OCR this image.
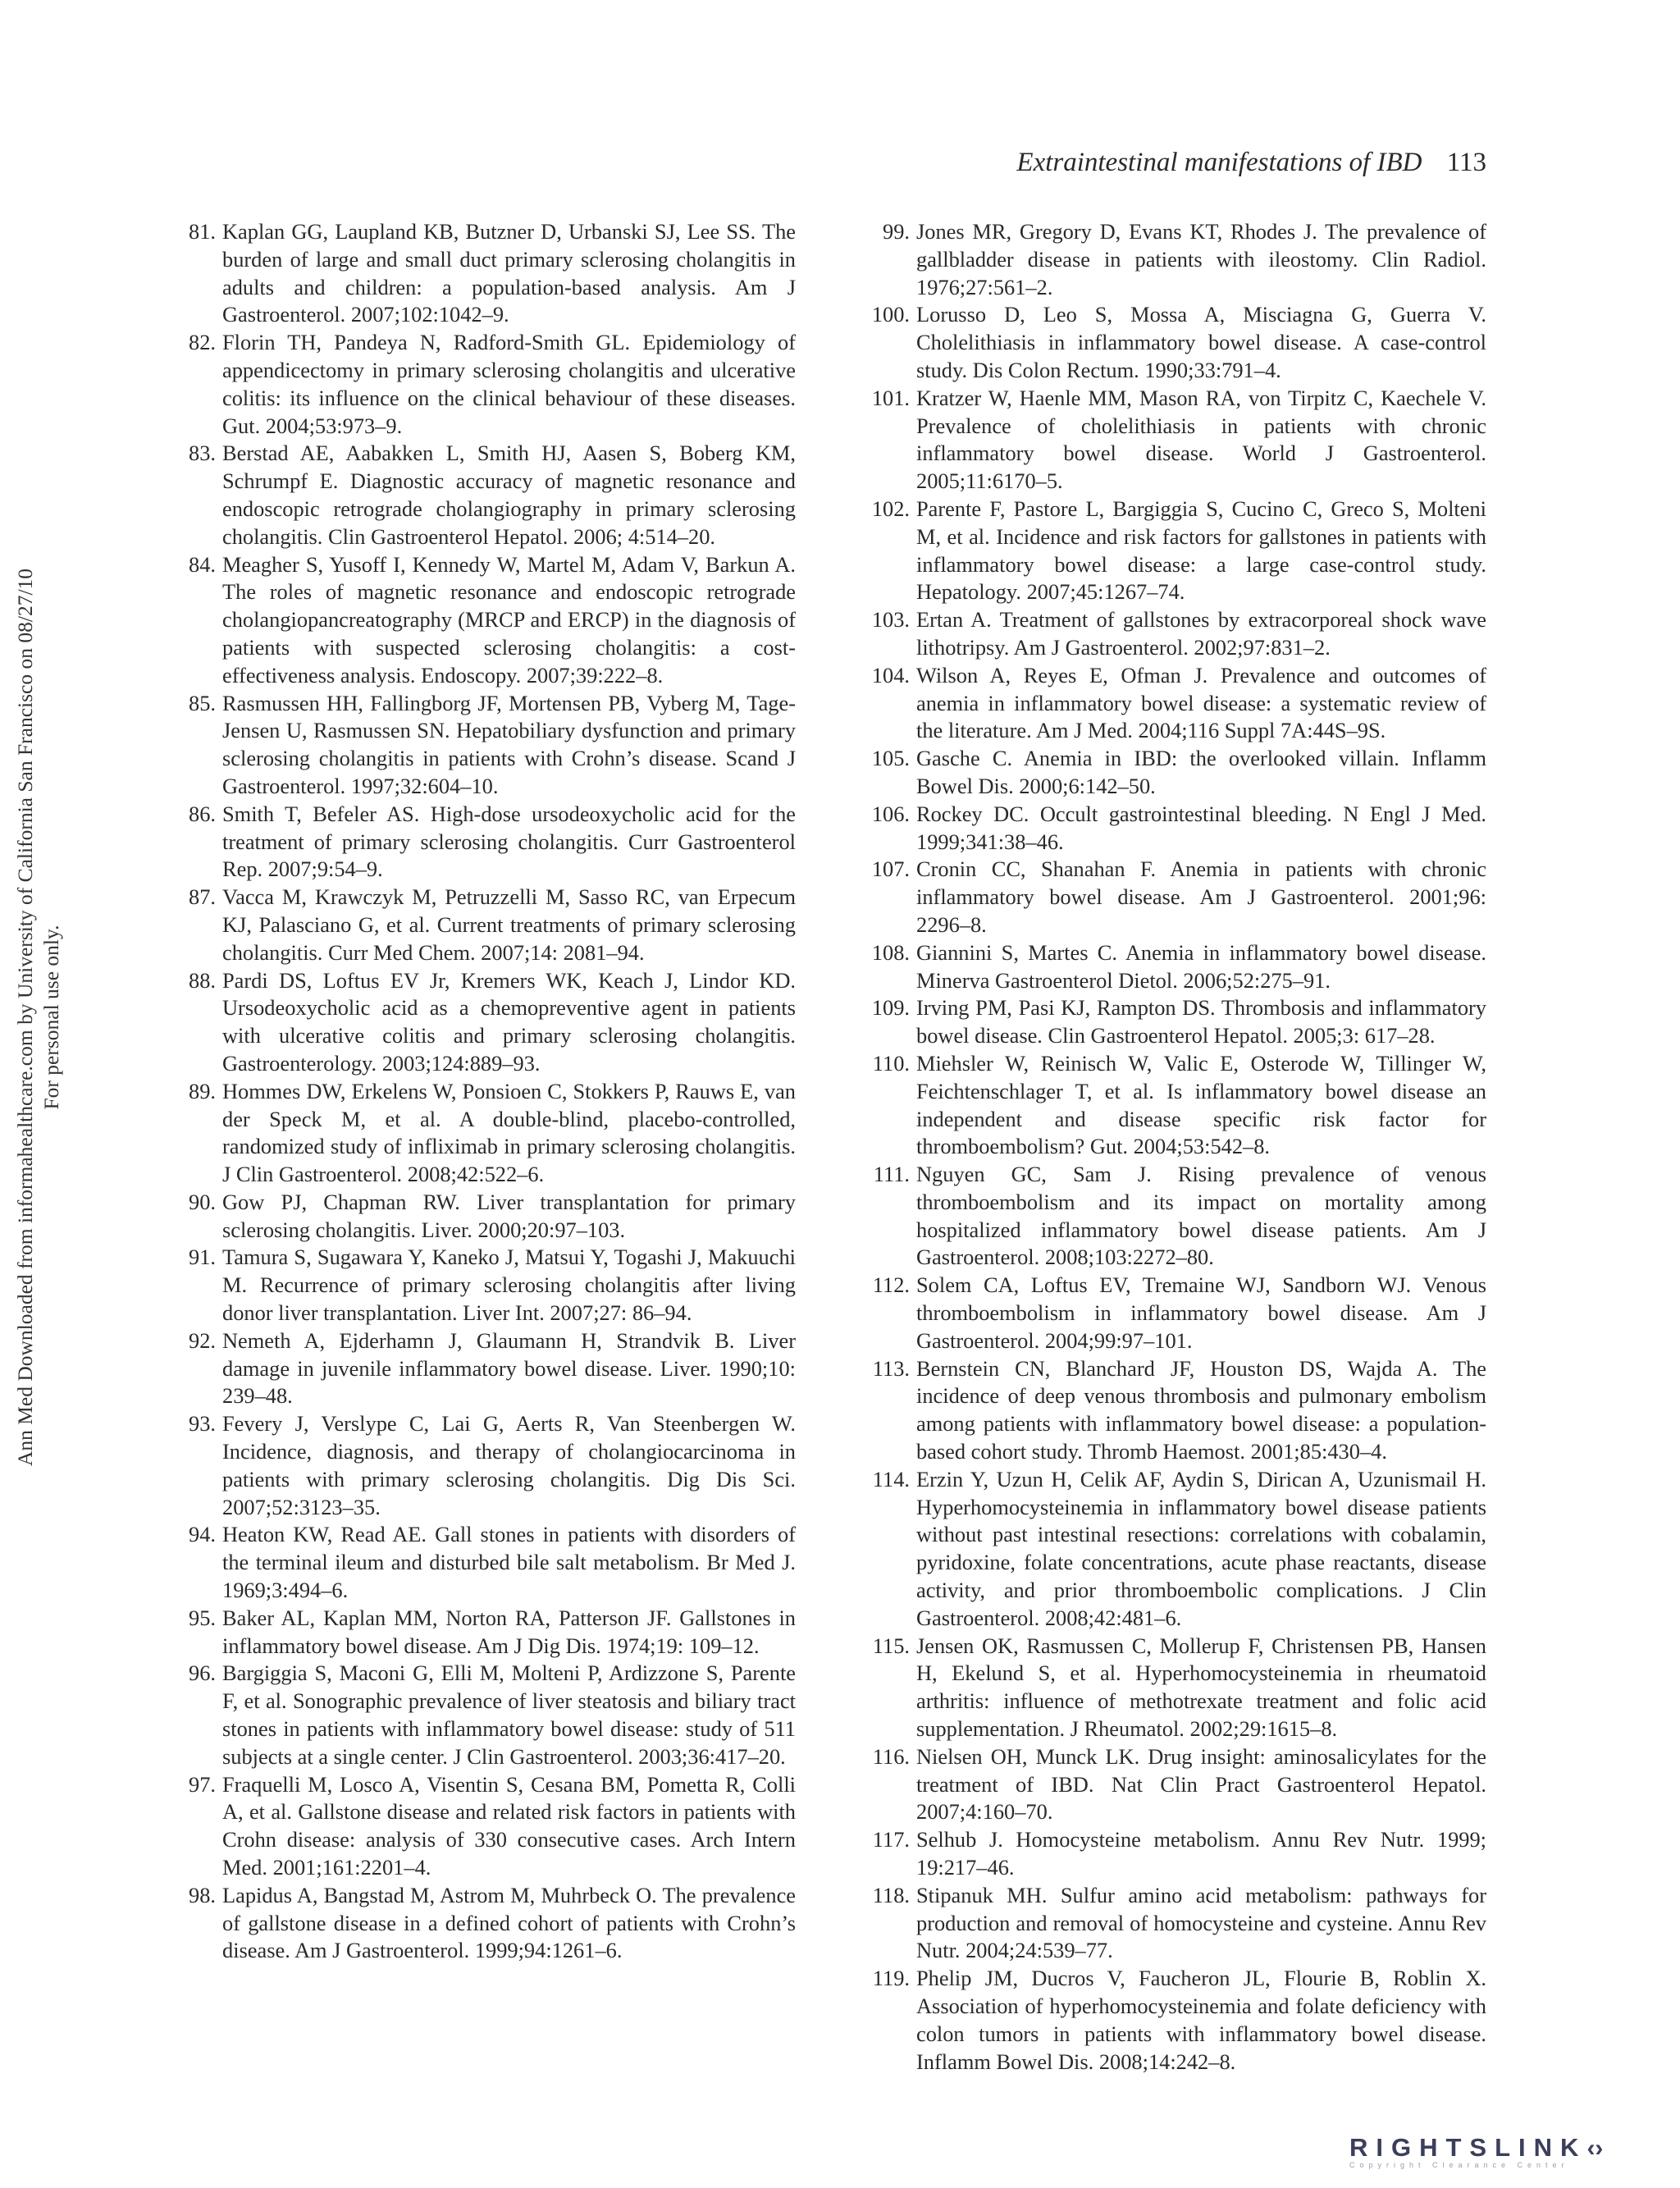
Extraintestinal manifestations of IBD 113
Ann Med Downloaded from informahealthcare.com by University of California San Francisco on 08/27/10 For personal use only.
81. Kaplan GG, Laupland KB, Butzner D, Urbanski SJ, Lee SS. The burden of large and small duct primary sclerosing cholangitis in adults and children: a population-based analysis. Am J Gastroenterol. 2007;102:1042–9.
82. Florin TH, Pandeya N, Radford-Smith GL. Epidemiology of appendicectomy in primary sclerosing cholangitis and ulcerative colitis: its influence on the clinical behaviour of these diseases. Gut. 2004;53:973–9.
83. Berstad AE, Aabakken L, Smith HJ, Aasen S, Boberg KM, Schrumpf E. Diagnostic accuracy of magnetic resonance and endoscopic retrograde cholangiography in primary sclerosing cholangitis. Clin Gastroenterol Hepatol. 2006; 4:514–20.
84. Meagher S, Yusoff I, Kennedy W, Martel M, Adam V, Barkun A. The roles of magnetic resonance and endoscopic retrograde cholangiopancreatography (MRCP and ERCP) in the diagnosis of patients with suspected sclerosing cholangitis: a cost-effectiveness analysis. Endoscopy. 2007;39:222–8.
85. Rasmussen HH, Fallingborg JF, Mortensen PB, Vyberg M, Tage-Jensen U, Rasmussen SN. Hepatobiliary dysfunction and primary sclerosing cholangitis in patients with Crohn’s disease. Scand J Gastroenterol. 1997;32:604–10.
86. Smith T, Befeler AS. High-dose ursodeoxycholic acid for the treatment of primary sclerosing cholangitis. Curr Gastroenterol Rep. 2007;9:54–9.
87. Vacca M, Krawczyk M, Petruzzelli M, Sasso RC, van Erpecum KJ, Palasciano G, et al. Current treatments of primary sclerosing cholangitis. Curr Med Chem. 2007;14: 2081–94.
88. Pardi DS, Loftus EV Jr, Kremers WK, Keach J, Lindor KD. Ursodeoxycholic acid as a chemopreventive agent in patients with ulcerative colitis and primary sclerosing cholangitis. Gastroenterology. 2003;124:889–93.
89. Hommes DW, Erkelens W, Ponsioen C, Stokkers P, Rauws E, van der Speck M, et al. A double-blind, placebo-controlled, randomized study of infliximab in primary sclerosing cholangitis. J Clin Gastroenterol. 2008;42:522–6.
90. Gow PJ, Chapman RW. Liver transplantation for primary sclerosing cholangitis. Liver. 2000;20:97–103.
91. Tamura S, Sugawara Y, Kaneko J, Matsui Y, Togashi J, Makuuchi M. Recurrence of primary sclerosing cholangitis after living donor liver transplantation. Liver Int. 2007;27: 86–94.
92. Nemeth A, Ejderhamn J, Glaumann H, Strandvik B. Liver damage in juvenile inflammatory bowel disease. Liver. 1990;10: 239–48.
93. Fevery J, Verslype C, Lai G, Aerts R, Van Steenbergen W. Incidence, diagnosis, and therapy of cholangiocarcinoma in patients with primary sclerosing cholangitis. Dig Dis Sci. 2007;52:3123–35.
94. Heaton KW, Read AE. Gall stones in patients with disorders of the terminal ileum and disturbed bile salt metabolism. Br Med J. 1969;3:494–6.
95. Baker AL, Kaplan MM, Norton RA, Patterson JF. Gallstones in inflammatory bowel disease. Am J Dig Dis. 1974;19: 109–12.
96. Bargiggia S, Maconi G, Elli M, Molteni P, Ardizzone S, Parente F, et al. Sonographic prevalence of liver steatosis and biliary tract stones in patients with inflammatory bowel disease: study of 511 subjects at a single center. J Clin Gastroenterol. 2003;36:417–20.
97. Fraquelli M, Losco A, Visentin S, Cesana BM, Pometta R, Colli A, et al. Gallstone disease and related risk factors in patients with Crohn disease: analysis of 330 consecutive cases. Arch Intern Med. 2001;161:2201–4.
98. Lapidus A, Bangstad M, Astrom M, Muhrbeck O. The prevalence of gallstone disease in a defined cohort of patients with Crohn’s disease. Am J Gastroenterol. 1999;94:1261–6.
99. Jones MR, Gregory D, Evans KT, Rhodes J. The prevalence of gallbladder disease in patients with ileostomy. Clin Radiol. 1976;27:561–2.
100. Lorusso D, Leo S, Mossa A, Misciagna G, Guerra V. Cholelithiasis in inflammatory bowel disease. A case-control study. Dis Colon Rectum. 1990;33:791–4.
101. Kratzer W, Haenle MM, Mason RA, von Tirpitz C, Kaechele V. Prevalence of cholelithiasis in patients with chronic inflammatory bowel disease. World J Gastroenterol. 2005;11:6170–5.
102. Parente F, Pastore L, Bargiggia S, Cucino C, Greco S, Molteni M, et al. Incidence and risk factors for gallstones in patients with inflammatory bowel disease: a large case-control study. Hepatology. 2007;45:1267–74.
103. Ertan A. Treatment of gallstones by extracorporeal shock wave lithotripsy. Am J Gastroenterol. 2002;97:831–2.
104. Wilson A, Reyes E, Ofman J. Prevalence and outcomes of anemia in inflammatory bowel disease: a systematic review of the literature. Am J Med. 2004;116 Suppl 7A:44S–9S.
105. Gasche C. Anemia in IBD: the overlooked villain. Inflamm Bowel Dis. 2000;6:142–50.
106. Rockey DC. Occult gastrointestinal bleeding. N Engl J Med. 1999;341:38–46.
107. Cronin CC, Shanahan F. Anemia in patients with chronic inflammatory bowel disease. Am J Gastroenterol. 2001;96: 2296–8.
108. Giannini S, Martes C. Anemia in inflammatory bowel disease. Minerva Gastroenterol Dietol. 2006;52:275–91.
109. Irving PM, Pasi KJ, Rampton DS. Thrombosis and inflammatory bowel disease. Clin Gastroenterol Hepatol. 2005;3: 617–28.
110. Miehsler W, Reinisch W, Valic E, Osterode W, Tillinger W, Feichtenschlager T, et al. Is inflammatory bowel disease an independent and disease specific risk factor for thromboembolism? Gut. 2004;53:542–8.
111. Nguyen GC, Sam J. Rising prevalence of venous thromboembolism and its impact on mortality among hospitalized inflammatory bowel disease patients. Am J Gastroenterol. 2008;103:2272–80.
112. Solem CA, Loftus EV, Tremaine WJ, Sandborn WJ. Venous thromboembolism in inflammatory bowel disease. Am J Gastroenterol. 2004;99:97–101.
113. Bernstein CN, Blanchard JF, Houston DS, Wajda A. The incidence of deep venous thrombosis and pulmonary embolism among patients with inflammatory bowel disease: a population-based cohort study. Thromb Haemost. 2001;85:430–4.
114. Erzin Y, Uzun H, Celik AF, Aydin S, Dirican A, Uzunismail H. Hyperhomocysteinemia in inflammatory bowel disease patients without past intestinal resections: correlations with cobalamin, pyridoxine, folate concentrations, acute phase reactants, disease activity, and prior thromboembolic complications. J Clin Gastroenterol. 2008;42:481–6.
115. Jensen OK, Rasmussen C, Mollerup F, Christensen PB, Hansen H, Ekelund S, et al. Hyperhomocysteinemia in rheumatoid arthritis: influence of methotrexate treatment and folic acid supplementation. J Rheumatol. 2002;29:1615–8.
116. Nielsen OH, Munck LK. Drug insight: aminosalicylates for the treatment of IBD. Nat Clin Pract Gastroenterol Hepatol. 2007;4:160–70.
117. Selhub J. Homocysteine metabolism. Annu Rev Nutr. 1999; 19:217–46.
118. Stipanuk MH. Sulfur amino acid metabolism: pathways for production and removal of homocysteine and cysteine. Annu Rev Nutr. 2004;24:539–77.
119. Phelip JM, Ducros V, Faucheron JL, Flourie B, Roblin X. Association of hyperhomocysteinemia and folate deficiency with colon tumors in patients with inflammatory bowel disease. Inflamm Bowel Dis. 2008;14:242–8.
RIGHTSLINK‹›
Copyright Clearance Center
